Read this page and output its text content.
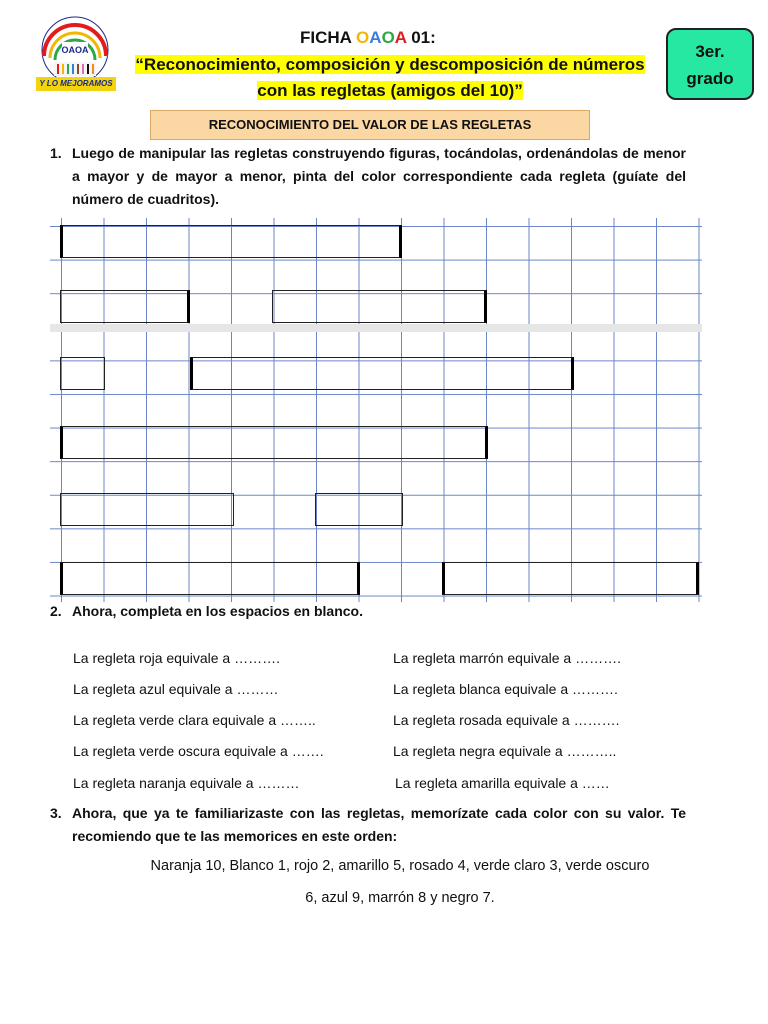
OAOA
Y LO MEJORAMOS
FICHA OAOA 01:
“Reconocimiento, composición y descomposición de números
con las regletas (amigos del 10)”
3er.
grado
RECONOCIMIENTO DEL VALOR DE LAS REGLETAS
1. Luego de manipular las regletas construyendo figuras, tocándolas, ordenándolas de menor a mayor y de mayor a menor, pinta del color correspondiente cada regleta (guíate del número de cuadritos).
2. Ahora, completa en los espacios en blanco.
La regleta roja equivale a ……….
La regleta azul equivale a ………
La regleta verde clara equivale a ……..
La regleta verde oscura equivale a …….
La regleta naranja equivale a ………
La regleta marrón equivale a ……….
La regleta blanca equivale a ……….
La regleta rosada equivale a ……….
La regleta negra equivale a ………..
La regleta amarilla equivale a ……
3. Ahora, que ya te familiarizaste con las regletas, memorízate cada color con su valor. Te recomiendo que te las memorices en este orden:
Naranja 10, Blanco 1, rojo 2, amarillo 5, rosado 4, verde claro 3, verde oscuro
6, azul 9, marrón 8 y negro 7.
